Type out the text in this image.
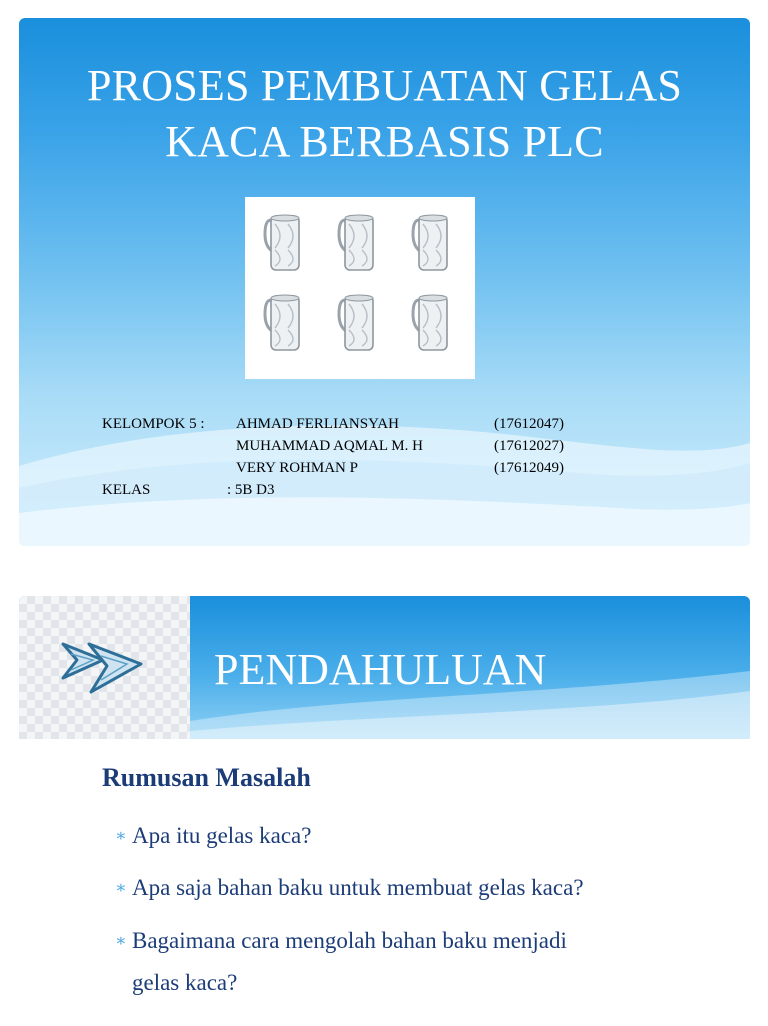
PROSES PEMBUATAN GELAS
KACA BERBASIS PLC
KELOMPOK 5 : AHMAD FERLIANSYAH	(17612047)
MUHAMMAD AQMAL M. H	(17612027)
VERY ROHMAN P	(17612049)
KELAS	: 5B D3
PENDAHULUAN
Rumusan Masalah
∗ Apa itu gelas kaca?
∗ Apa saja bahan baku untuk membuat gelas kaca?
∗ Bagaimana cara mengolah bahan baku menjadi
gelas kaca?
